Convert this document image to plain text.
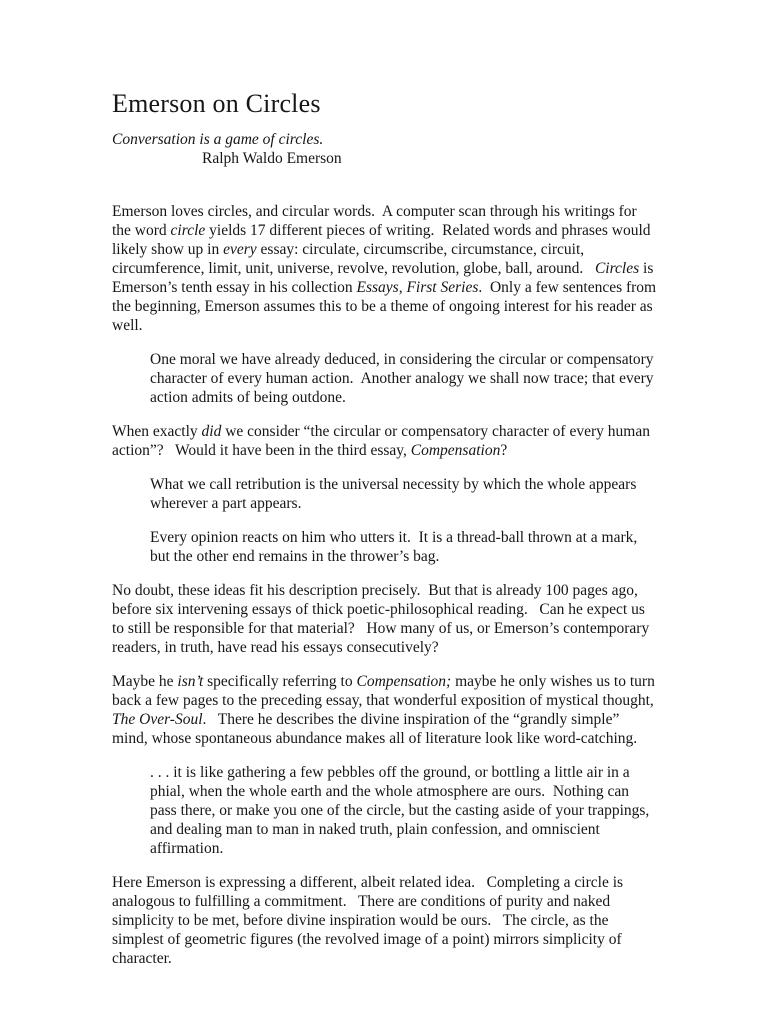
Emerson on Circles

Conversation is a game of circles.

Ralph Waldo Emerson

Emerson loves circles, and circular words.  A computer scan through his writings for the word circle yields 17 different pieces of writing.  Related words and phrases would likely show up in every essay: circulate, circumscribe, circumstance, circuit, circumference, limit, unit, universe, revolve, revolution, globe, ball, around.   Circles is Emerson’s tenth essay in his collection Essays, First Series.  Only a few sentences from the beginning, Emerson assumes this to be a theme of ongoing interest for his reader as well.

One moral we have already deduced, in considering the circular or compensatory character of every human action.  Another analogy we shall now trace; that every action admits of being outdone.

When exactly did we consider “the circular or compensatory character of every human action”?   Would it have been in the third essay, Compensation?

What we call retribution is the universal necessity by which the whole appears wherever a part appears.

Every opinion reacts on him who utters it.  It is a thread-ball thrown at a mark, but the other end remains in the thrower’s bag.

No doubt, these ideas fit his description precisely.  But that is already 100 pages ago, before six intervening essays of thick poetic-philosophical reading.   Can he expect us to still be responsible for that material?   How many of us, or Emerson’s contemporary readers, in truth, have read his essays consecutively?

Maybe he isn’t specifically referring to Compensation; maybe he only wishes us to turn back a few pages to the preceding essay, that wonderful exposition of mystical thought, The Over-Soul.   There he describes the divine inspiration of the “grandly simple” mind, whose spontaneous abundance makes all of literature look like word-catching.

. . . it is like gathering a few pebbles off the ground, or bottling a little air in a phial, when the whole earth and the whole atmosphere are ours.  Nothing can pass there, or make you one of the circle, but the casting aside of your trappings, and dealing man to man in naked truth, plain confession, and omniscient affirmation.

Here Emerson is expressing a different, albeit related idea.   Completing a circle is analogous to fulfilling a commitment.   There are conditions of purity and naked simplicity to be met, before divine inspiration would be ours.   The circle, as the simplest of geometric figures (the revolved image of a point) mirrors simplicity of character.
